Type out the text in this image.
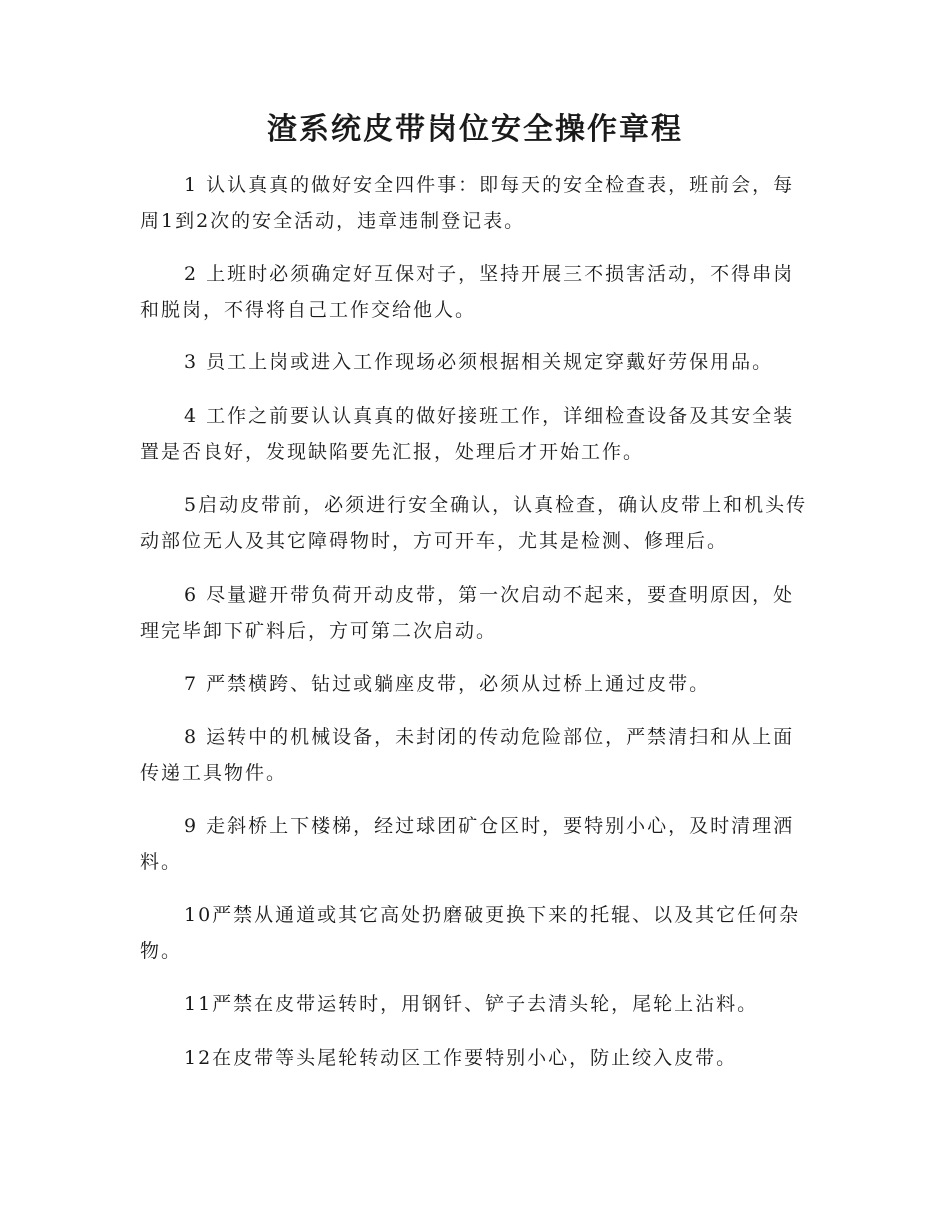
渣系统皮带岗位安全操作章程

1 认认真真的做好安全四件事：即每天的安全检查表，班前会，每周1到2次的安全活动，违章违制登记表。

2 上班时必须确定好互保对子，坚持开展三不损害活动，不得串岗和脱岗，不得将自己工作交给他人。

3 员工上岗或进入工作现场必须根据相关规定穿戴好劳保用品。

4 工作之前要认认真真的做好接班工作，详细检查设备及其安全装置是否良好，发现缺陷要先汇报，处理后才开始工作。

5启动皮带前，必须进行安全确认，认真检查，确认皮带上和机头传动部位无人及其它障碍物时，方可开车，尤其是检测、修理后。

6 尽量避开带负荷开动皮带，第一次启动不起来，要查明原因，处理完毕卸下矿料后，方可第二次启动。

7 严禁横跨、钻过或躺座皮带，必须从过桥上通过皮带。

8 运转中的机械设备，未封闭的传动危险部位，严禁清扫和从上面传递工具物件。

9 走斜桥上下楼梯，经过球团矿仓区时，要特别小心，及时清理洒料。

10严禁从通道或其它高处扔磨破更换下来的托辊、以及其它任何杂物。

11严禁在皮带运转时，用钢钎、铲子去清头轮，尾轮上沾料。

12在皮带等头尾轮转动区工作要特别小心，防止绞入皮带。
